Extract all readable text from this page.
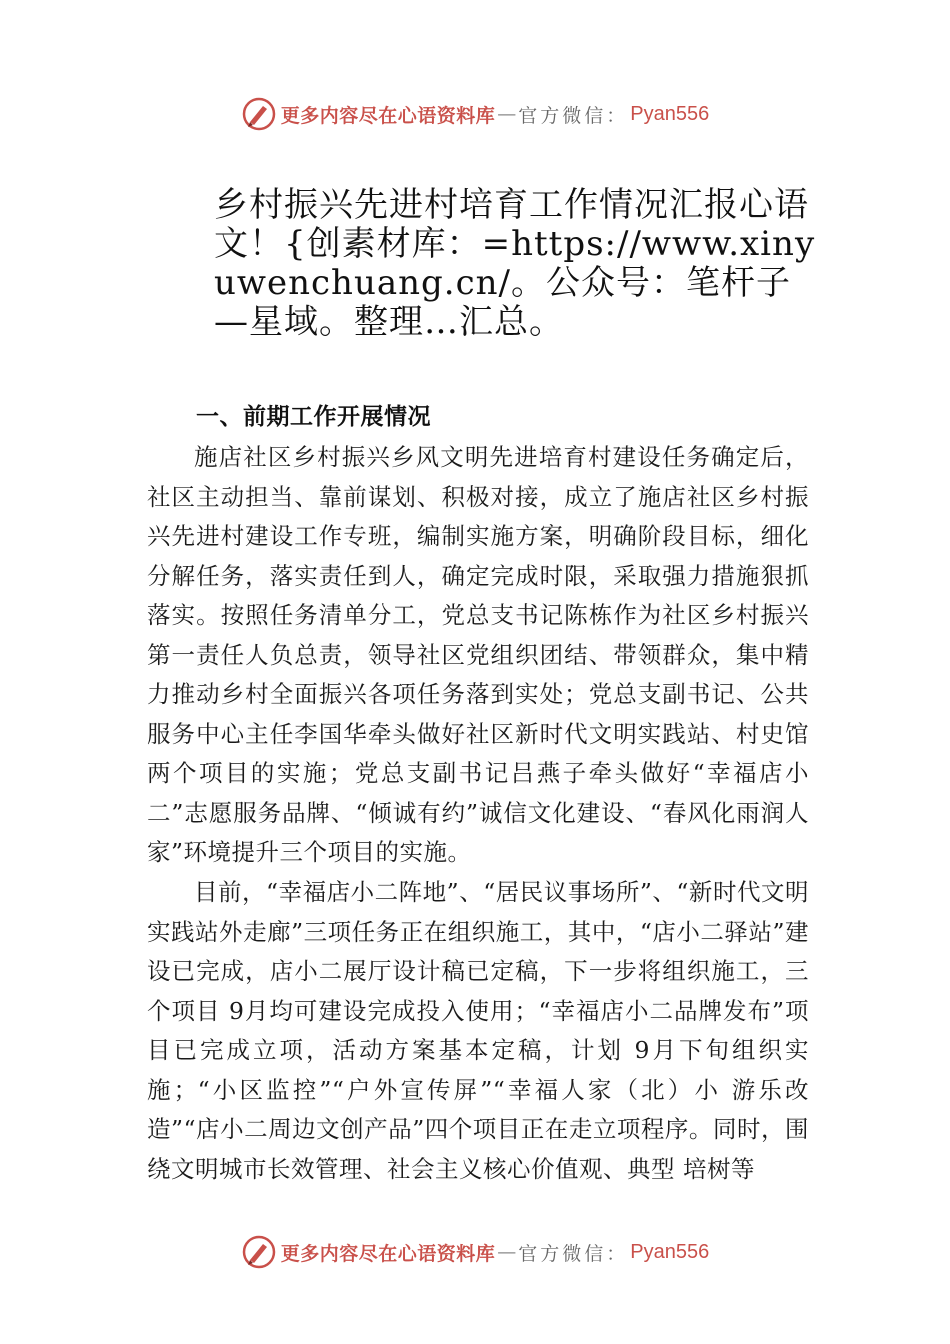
更多内容尽在心语资料库 — 官方微信： Pyan556
乡村振兴先进村培育工作情况汇报心语文！{创素材库：=https://www.xinyuwenchuang.cn/。公众号：笔杆子—星域。整理…汇总。
一、前期工作开展情况

施店社区乡村振兴乡风文明先进培育村建设任务确定后，社区主动担当、靠前谋划、积极对接，成立了施店社区乡村振兴先进村建设工作专班，编制实施方案，明确阶段目标，细化分解任务，落实责任到人，确定完成时限，采取强力措施狠抓落实。按照任务清单分工，党总支书记陈栋作为社区乡村振兴第一责任人负总责，领导社区党组织团结、带领群众，集中精力推动乡村全面振兴各项任务落到实处；党总支副书记、公共服务中心主任李国华牵头做好社区新时代文明实践站、村史馆两个项目的实施；党总支副书记吕燕子牵头做好“幸福店小二”志愿服务品牌、“倾诚有约”诚信文化建设、“春风化雨润人家”环境提升三个项目的实施。

目前，“幸福店小二阵地”、“居民议事场所”、“新时代文明实践站外走廊”三项任务正在组织施工，其中，“店小二驿站”建设已完成，店小二展厅设计稿已定稿，下一步将组织施工，三个项目 9月均可建设完成投入使用；“幸福店小二品牌发布”项目已完成立项，活动方案基本定稿，计划 9月下旬组织实施；“小区监控”“户外宣传屏”“幸福人家（北）小 游乐改造”“店小二周边文创产品”四个项目正在走立项程序。同时，围绕文明城市长效管理、社会主义核心价值观、典型 培树等

更多内容尽在心语资料库 — 官方微信： Pyan556
